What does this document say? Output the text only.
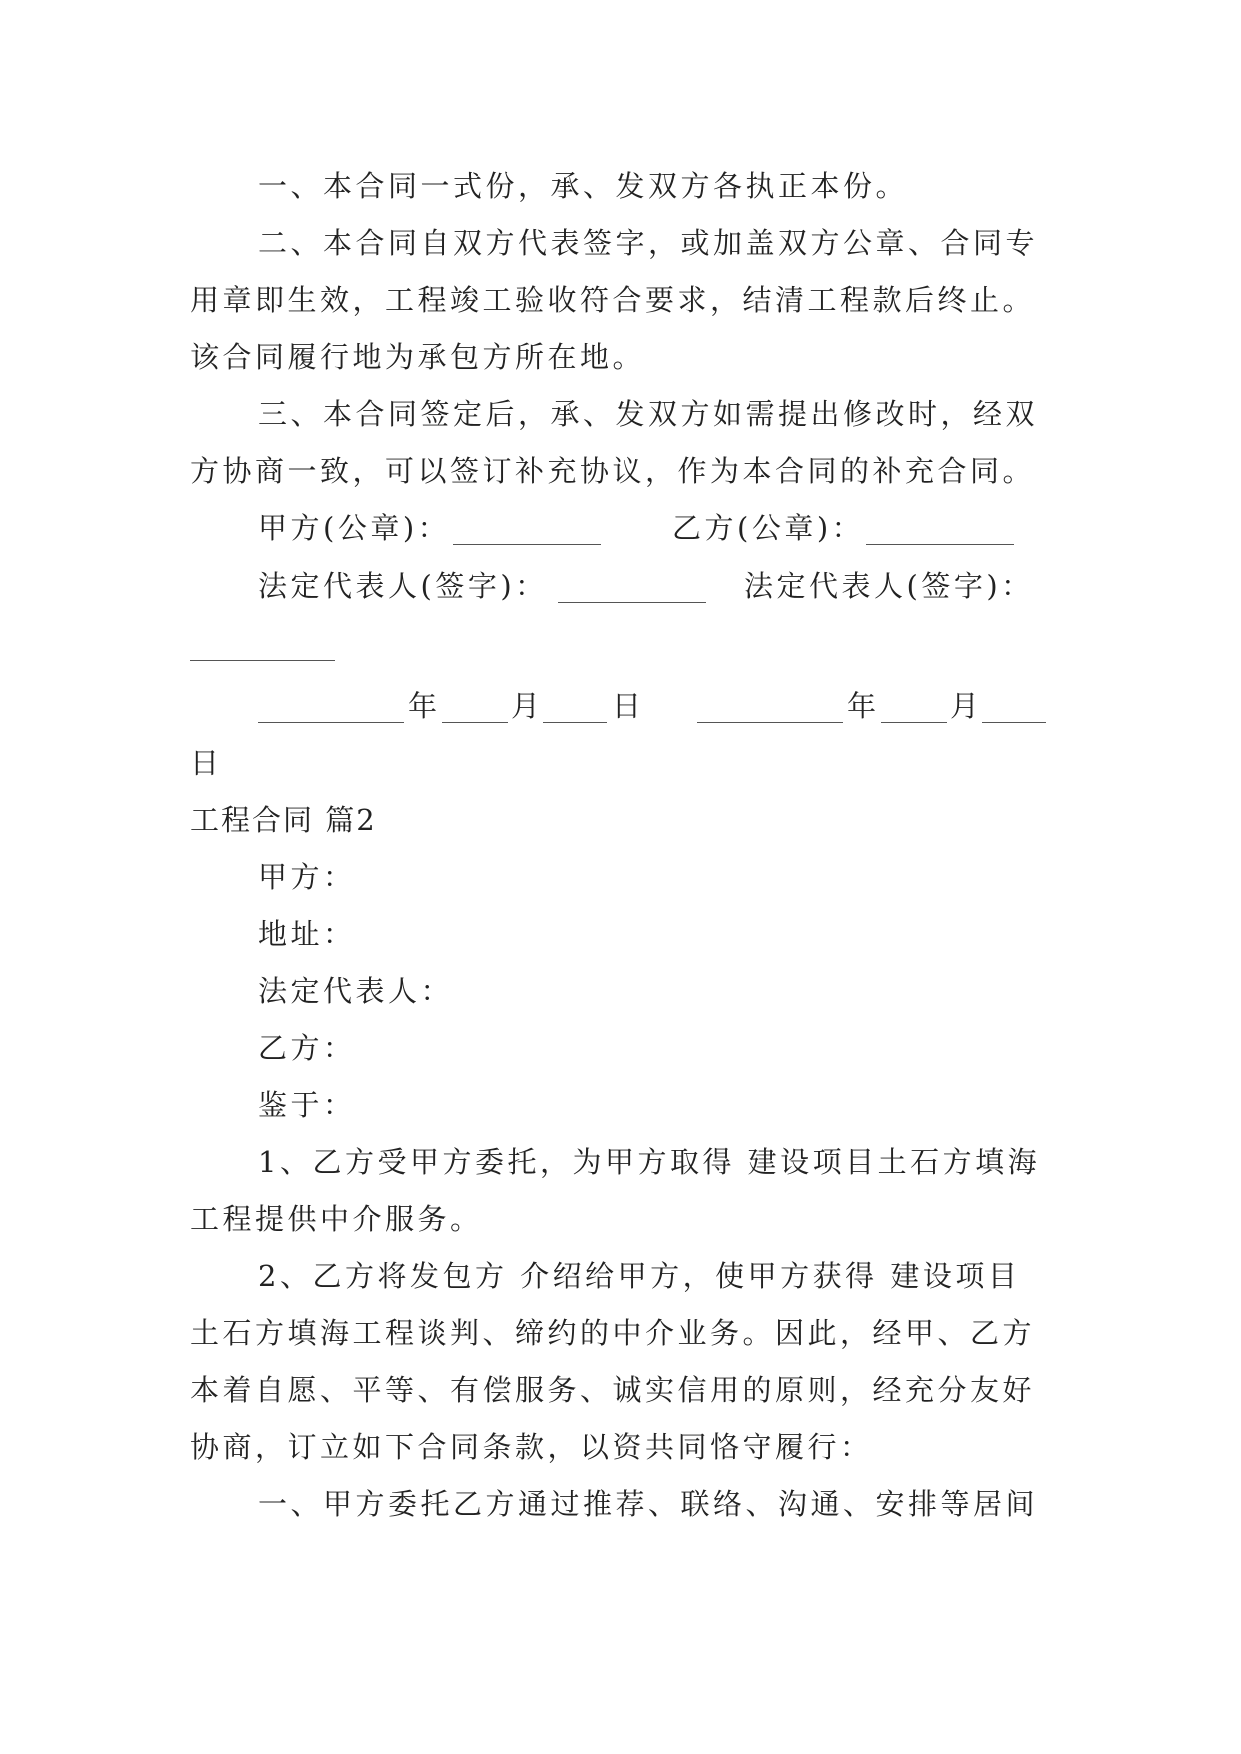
一、本合同一式份，承、发双方各执正本份。
二、本合同自双方代表签字，或加盖双方公章、合同专
用章即生效，工程竣工验收符合要求，结清工程款后终止。
该合同履行地为承包方所在地。
三、本合同签定后，承、发双方如需提出修改时，经双
方协商一致，可以签订补充协议，作为本合同的补充合同。
甲方(公章)：	乙方(公章)：
法定代表人(签字)：	法定代表人(签字)：
年 月 日	年 月
日
工程合同 篇2
甲方：
地址：
法定代表人：
乙方：
鉴于：
1、乙方受甲方委托，为甲方取得 建设项目土石方填海
工程提供中介服务。
2、乙方将发包方 介绍给甲方，使甲方获得 建设项目
土石方填海工程谈判、缔约的中介业务。因此，经甲、乙方
本着自愿、平等、有偿服务、诚实信用的原则，经充分友好
协商，订立如下合同条款，以资共同恪守履行：
一、甲方委托乙方通过推荐、联络、沟通、安排等居间
